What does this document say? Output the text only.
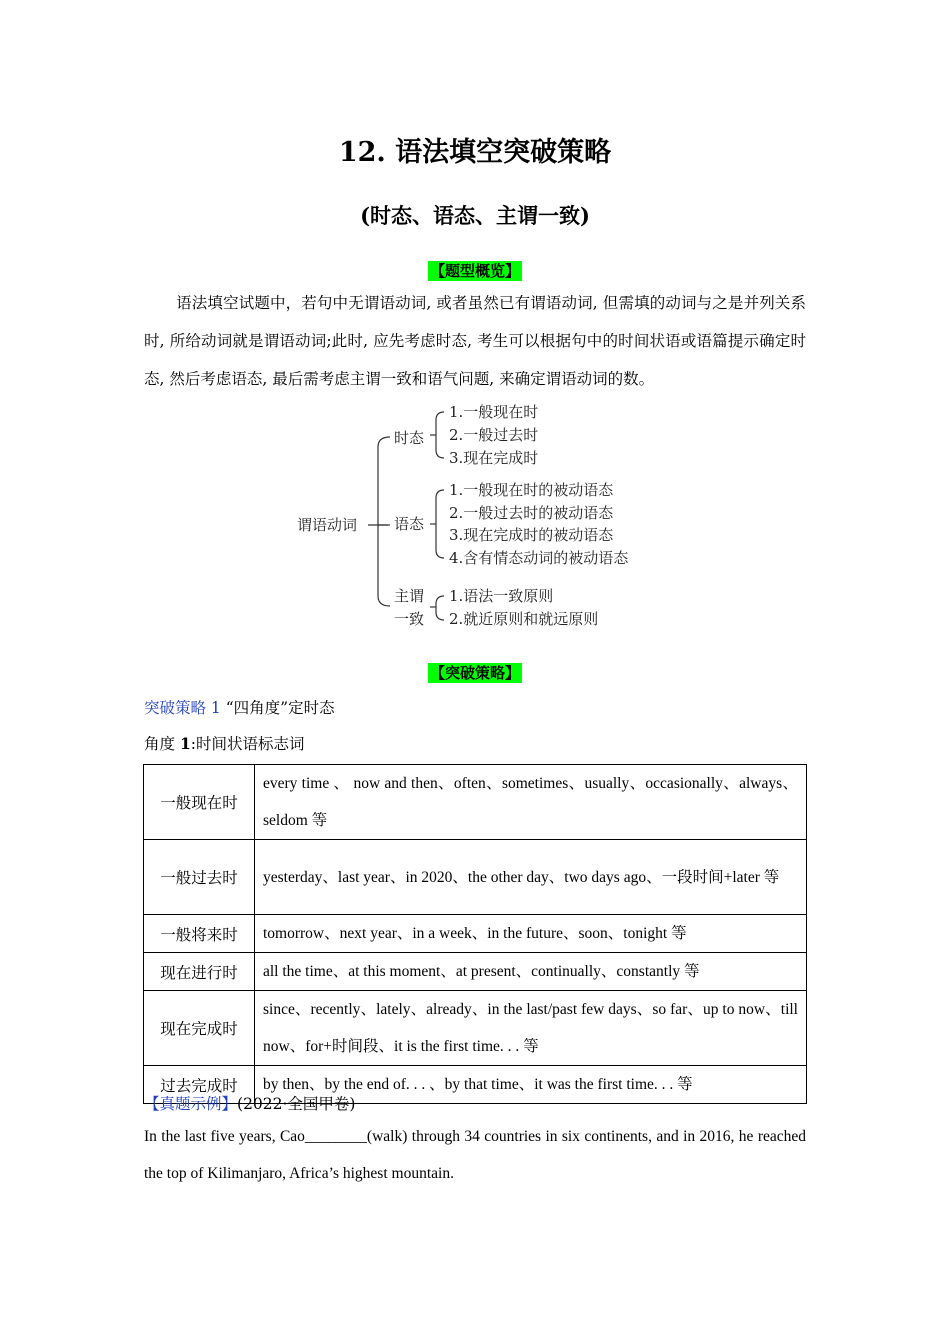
12. 语法填空突破策略
(时态、语态、主谓一致)
【题型概览】
语法填空试题中，若句中无谓语动词, 或者虽然已有谓语动词, 但需填的动词与之是并列关系时, 所给动词就是谓语动词;此时, 应先考虑时态, 考生可以根据句中的时间状语或语篇提示确定时态, 然后考虑语态, 最后需考虑主谓一致和语气问题, 来确定谓语动词的数。
谓语动词
时态
语态
主谓
一致
1.一般现在时
2.一般过去时
3.现在完成时
1.一般现在时的被动语态
2.一般过去时的被动语态
3.现在完成时的被动语态
4.含有情态动词的被动语态
1.语法一致原则
2.就近原则和就远原则
【突破策略】
突破策略 1 “四角度”定时态
角度 1:时间状语标志词
一般现在时	every time 、 now and then、often、sometimes、usually、occasionally、always、 seldom 等
一般过去时	yesterday、last year、in 2020、the other day、two days ago、一段时间+later 等
一般将来时	tomorrow、next year、in a week、in the future、soon、tonight 等
现在进行时	all the time、at this moment、at present、continually、constantly 等
现在完成时	since、recently、lately、already、in the last/past few days、so far、up to now、till now、for+时间段、it is the first time. . . 等
过去完成时	by then、by the end of. . . 、by that time、it was the first time. . . 等
【真题示例】(2022·全国甲卷)
In the last five years, Cao________(walk) through 34 countries in six continents, and in 2016, he reached the top of Kilimanjaro, Africa’s highest mountain.
